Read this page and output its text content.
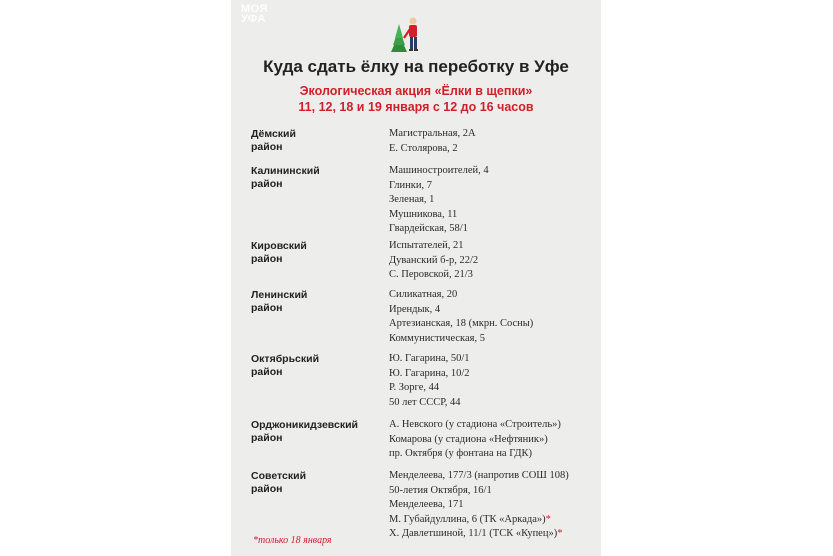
МОЯ
УФА
Куда сдать ёлку на переботку в Уфе
Экологическая акция «Ёлки в щепки»
11, 12, 18 и 19 января с 12 до 16 часов
Дёмский
район
Магистральная, 2А
Е. Столярова, 2
Калининский
район
Машиностроителей, 4
Глинки, 7
Зеленая, 1
Мушникова, 11
Гвардейская, 58/1
Кировский
район
Испытателей, 21
Дуванский б-р, 22/2
С. Перовской, 21/3
Ленинский
район
Силикатная, 20
Ирендык, 4
Артезианская, 18 (мкрн. Сосны)
Коммунистическая, 5
Октябрьский
район
Ю. Гагарина, 50/1
Ю. Гагарина, 10/2
Р. Зорге, 44
50 лет СССР, 44
Орджоникидзевский
район
А. Невского (у стадиона «Строитель»)
Комарова (у стадиона «Нефтяник»)
пр. Октября (у фонтана на ГДК)
Советский
район
Менделеева, 177/3 (напротив СОШ 108)
50-летия Октября, 16/1
Менделеева, 171
М. Губайдуллина, 6 (ТК «Аркада»)*
Х. Давлетшиной, 11/1 (ТСК «Купец»)*
*только 18 января
